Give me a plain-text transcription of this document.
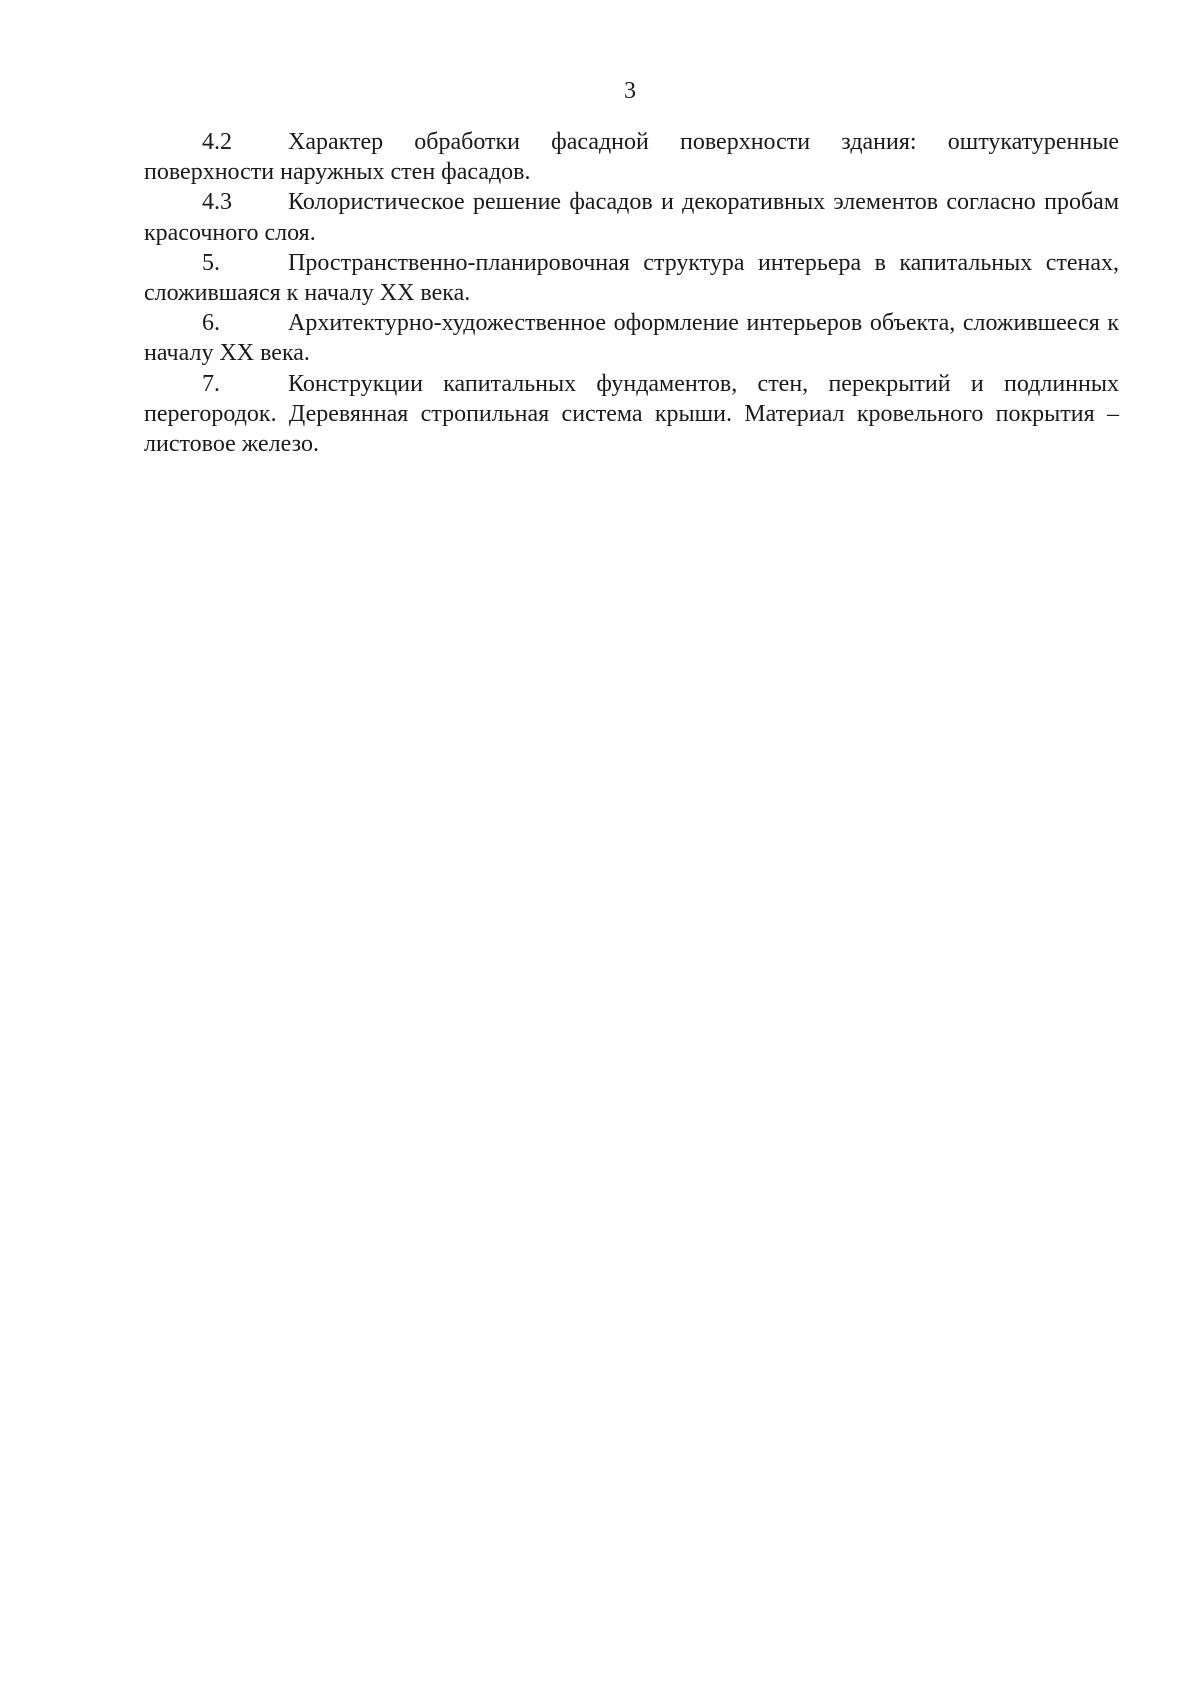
3

4.2 Характер обработки фасадной поверхности здания: оштукатуренные поверхности наружных стен фасадов.

4.3 Колористическое решение фасадов и декоративных элементов согласно пробам красочного слоя.

5.	Пространственно-планировочная структура интерьера в капитальных стенах, сложившаяся к началу XX века.

6.	Архитектурно-художественное оформление интерьеров объекта, сложившееся к началу XX века.

7.	Конструкции капитальных фундаментов, стен, перекрытий и подлинных перегородок. Деревянная стропильная система крыши. Материал кровельного покрытия – листовое железо.
